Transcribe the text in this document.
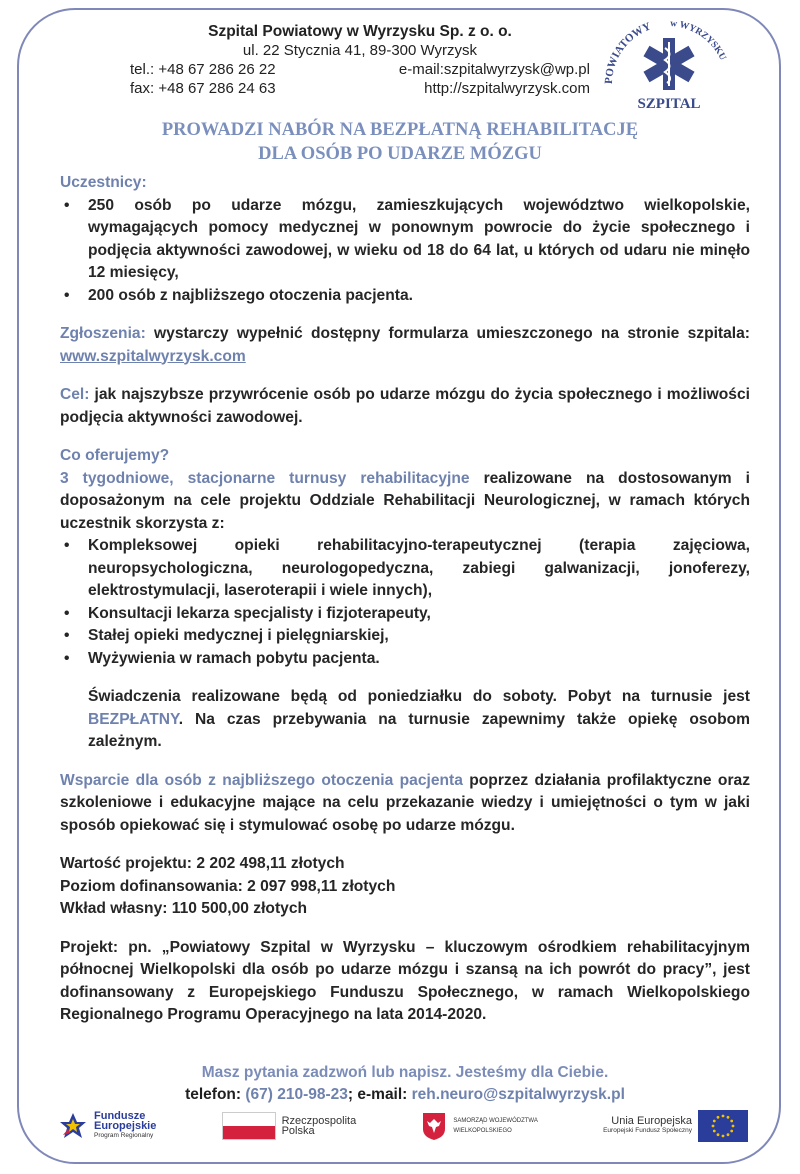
Szpital Powiatowy w Wyrzysku Sp. z o. o.
ul. 22 Stycznia 41, 89-300 Wyrzysk
tel.: +48 67 286 26 22	e-mail:szpitalwyrzysk@wp.pl
fax: +48 67 286 24 63	http://szpitalwyrzysk.com POWIATOWY w WYRZYSKU
SZPITAL
PROWADZI NABÓR NA BEZPŁATNĄ REHABILITACJĘ
DLA OSÓB PO UDARZE MÓZGU

Uczestnicy:

• 250 osób po udarze mózgu, zamieszkujących województwo wielkopolskie, wymagających pomocy medycznej w ponownym powrocie do życie społecznego i podjęcia aktywności zawodowej, w wieku od 18 do 64 lat, u których od udaru nie minęło 12 miesięcy,
• 200 osób z najbliższego otoczenia pacjenta.

Zgłoszenia: wystarczy wypełnić dostępny formularza umieszczonego na stronie szpitala: www.szpitalwyrzysk.com

Cel: jak najszybsze przywrócenie osób po udarze mózgu do życia społecznego i możliwości podjęcia aktywności zawodowej.

Co oferujemy?

3 tygodniowe, stacjonarne turnusy rehabilitacyjne realizowane na dostosowanym i doposażonym na cele projektu Oddziale Rehabilitacji Neurologicznej, w ramach których uczestnik skorzysta z:

• Kompleksowej opieki rehabilitacyjno-terapeutycznej (terapia zajęciowa, neuropsychologiczna, neurologopedyczna, zabiegi galwanizacji, jonoferezy, elektrostymulacji, laseroterapii i wiele innych),
• Konsultacji lekarza specjalisty i fizjoterapeuty,
• Stałej opieki medycznej i pielęgniarskiej,
• Wyżywienia w ramach pobytu pacjenta.

Świadczenia realizowane będą od poniedziałku do soboty. Pobyt na turnusie jest BEZPŁATNY. Na czas przebywania na turnusie zapewnimy także opiekę osobom zależnym.

Wsparcie dla osób z najbliższego otoczenia pacjenta poprzez działania profilaktyczne oraz szkoleniowe i edukacyjne mające na celu przekazanie wiedzy i umiejętności o tym w jaki sposób opiekować się i stymulować osobę po udarze mózgu.

Wartość projektu: 2 202 498,11 złotych

Poziom dofinansowania: 2 097 998,11 złotych

Wkład własny: 110 500,00 złotych

Projekt: pn. „Powiatowy Szpital w Wyrzysku – kluczowym ośrodkiem rehabilitacyjnym północnej Wielkopolski dla osób po udarze mózgu i szansą na ich powrót do pracy”, jest dofinansowany z Europejskiego Funduszu Społecznego, w ramach Wielkopolskiego Regionalnego Programu Operacyjnego na lata 2014-2020.

Masz pytania zadzwoń lub napisz. Jesteśmy dla Ciebie.
telefon: (67) 210-98-23; e-mail: reh.neuro@szpitalwyrzysk.pl
Fundusze
Europejskie
Program Regionalny
Rzeczpospolita
Polska
SAMORZĄD WOJEWÓDZTWA
WIELKOPOLSKIEGO
Unia Europejska
Europejski Fundusz Społeczny
